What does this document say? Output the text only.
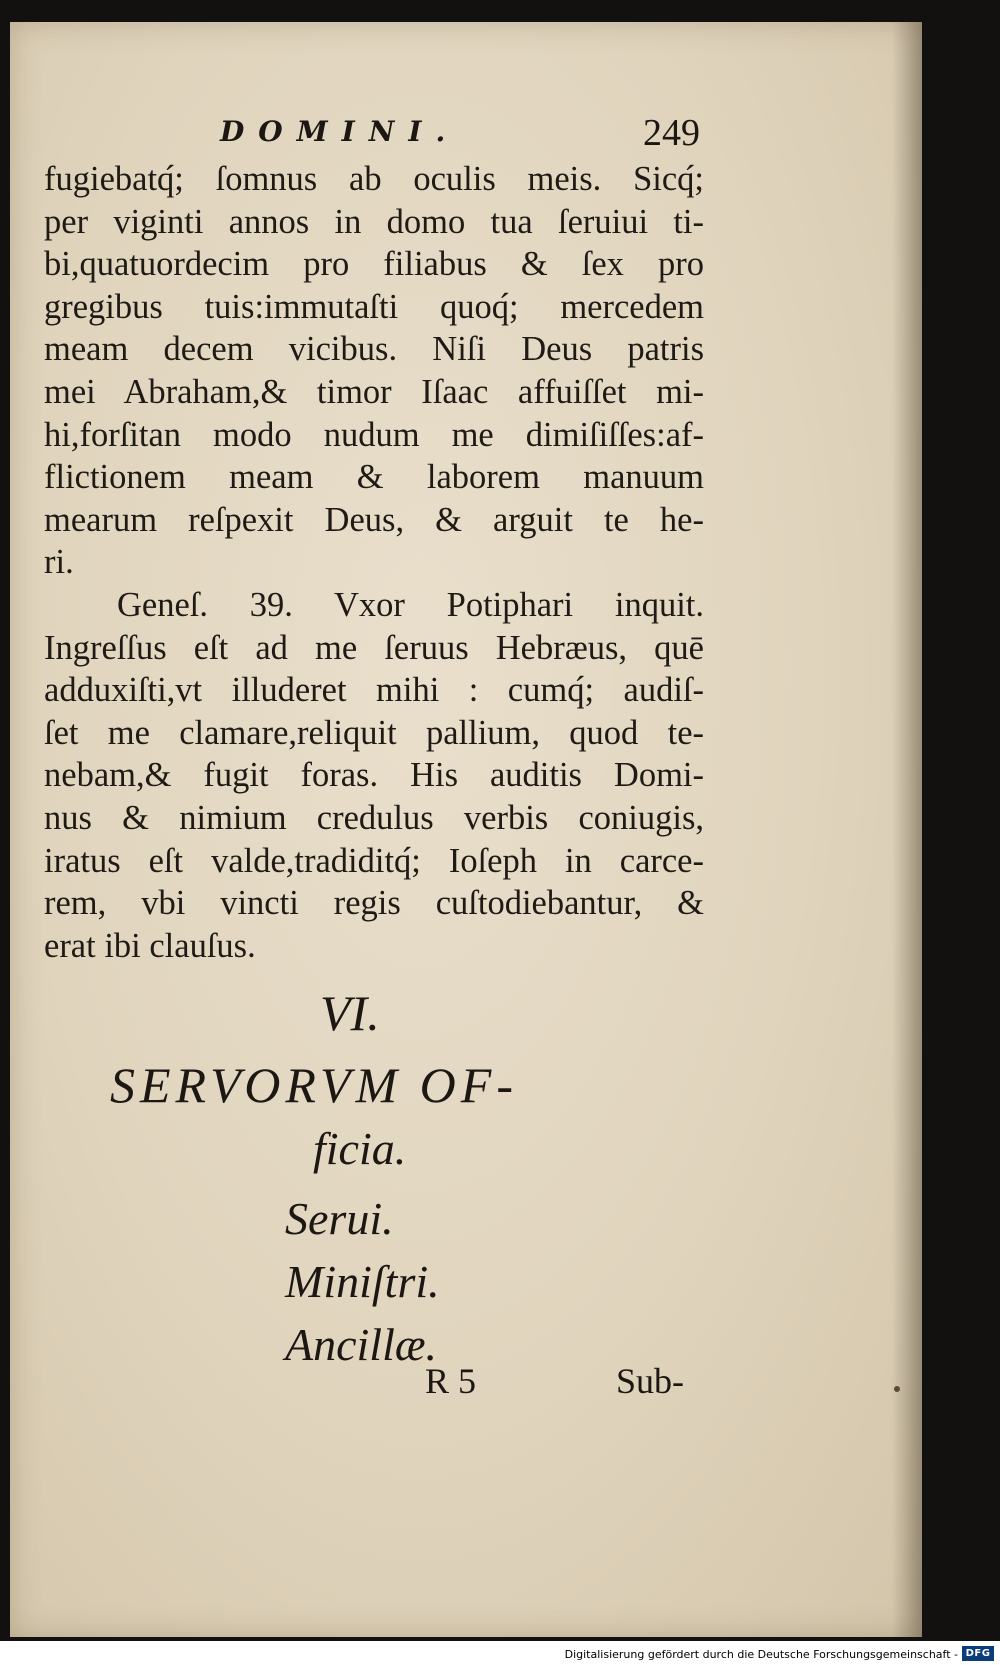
DOMINI.	249
fugiebatq́; ſomnus ab oculis meis. Sicq́;
per viginti annos in domo tua ſeruiui ti-
bi,quatuordecim pro filiabus & ſex pro
gregibus tuis:immutaſti quoq́; mercedem
meam decem vicibus. Niſi Deus patris
mei Abraham,& timor Iſaac affuiſſet mi-
hi,forſitan modo nudum me dimiſiſſes:af-
flictionem meam & laborem manuum
mearum reſpexit Deus, & arguit te he-
ri.
Geneſ. 39. Vxor Potiphari inquit.
Ingreſſus eſt ad me ſeruus Hebræus, quē
adduxiſti,vt illuderet mihi : cumq́; audiſ-
ſet me clamare,reliquit pallium, quod te-
nebam,& fugit foras. His auditis Domi-
nus & nimium credulus verbis coniugis,
iratus eſt valde,tradiditq́; Ioſeph in carce-
rem, vbi vincti regis cuſtodiebantur, &
erat ibi clauſus.
VI.
SERVORVM OF-
ficia.
Serui.
Miniſtri.
Ancillæ.
R 5	Sub-
Digitalisierung gefördert durch die Deutsche Forschungsgemeinschaft - DFG
